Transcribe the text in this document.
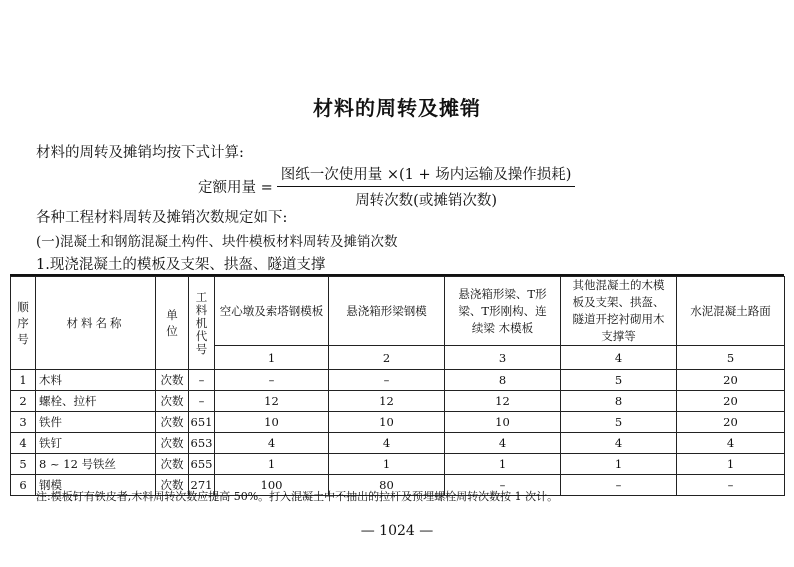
材料的周转及摊销
材料的周转及摊销均按下式计算:
定额用量 = $\frac{\text{图纸一次使用量 ×(1 + 场内运输及操作损耗)}}{\text{周转次数(或摊销次数)}}$
各种工程材料周转及摊销次数规定如下:
(一)混凝土和钢筋混凝土构件、块件模板材料周转及摊销次数
1.现浇混凝土的模板及支架、拱盔、隧道支撑
顺序号	材料名称	单位	工料机代号	空心墩及索塔钢模板	悬浇箱形梁钢模	悬浇箱形梁、T形梁、T形刚构、连续梁 木模板	其他混凝土的木模板及支架、拱盔、隧道开挖衬砌用木支撑等	水泥混凝土路面
				1	2	3	4	5
1	木料	次数	–	–	–	8	5	20
2	螺栓、拉杆	次数	–	12	12	12	8	20
3	铁件	次数	651	10	10	10	5	20
4	铁钉	次数	653	4	4	4	4	4
5	8 ~ 12 号铁丝	次数	655	1	1	1	1	1
6	钢模	次数	271	100	80	–	–	–
注:模板钉有铁皮者,木料周转次数应提高 50%。打入混凝土中不抽出的拉杆及预埋螺栓周转次数按 1 次计。
— 1024 —
